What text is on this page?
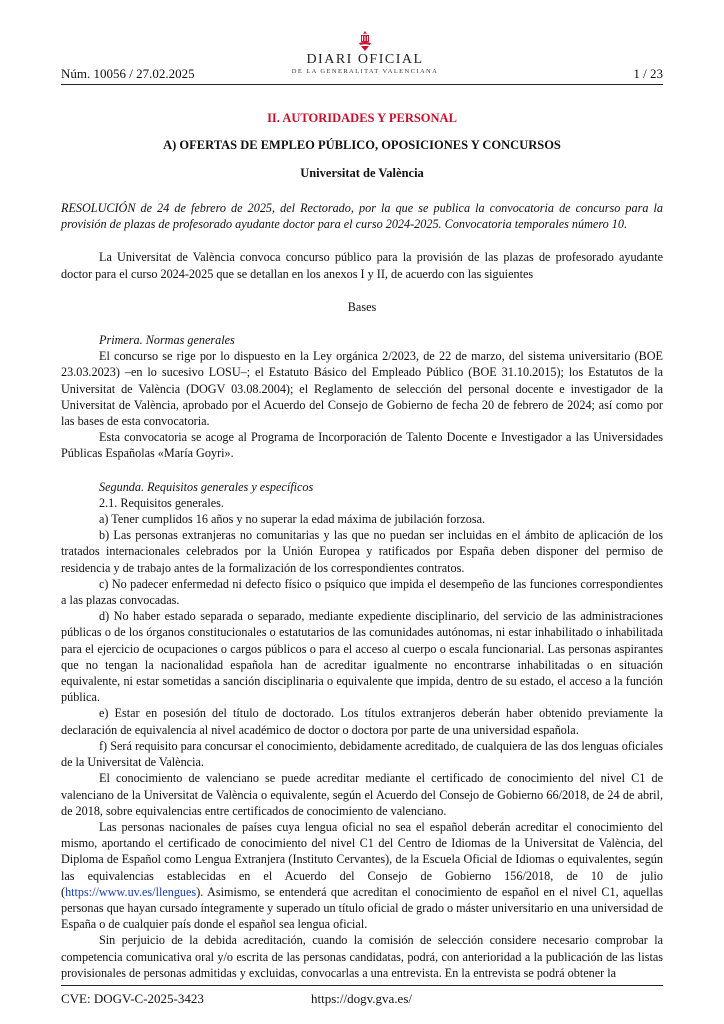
Núm. 10056 / 27.02.2025
DIARI OFICIAL
DE LA GENERALITAT VALENCIANA	1 / 23
II. AUTORIDADES Y PERSONAL
A) OFERTAS DE EMPLEO PÚBLICO, OPOSICIONES Y CONCURSOS
Universitat de València

RESOLUCIÓN de 24 de febrero de 2025, del Rectorado, por la que se publica la convocatoria de concurso para la provisión de plazas de profesorado ayudante doctor para el curso 2024-2025. Convocatoria temporales número 10.

La Universitat de València convoca concurso público para la provisión de las plazas de profesorado ayudante doctor para el curso 2024-2025 que se detallan en los anexos I y II, de acuerdo con las siguientes

Bases

Primera. Normas generales

El concurso se rige por lo dispuesto en la Ley orgánica 2/2023, de 22 de marzo, del sistema universitario (BOE 23.03.2023) –en lo sucesivo LOSU–; el Estatuto Básico del Empleado Público (BOE 31.10.2015); los Estatutos de la Universitat de València (DOGV 03.08.2004); el Reglamento de selección del personal docente e investigador de la Universitat de València, aprobado por el Acuerdo del Consejo de Gobierno de fecha 20 de febrero de 2024; así como por las bases de esta convocatoria.

Esta convocatoria se acoge al Programa de Incorporación de Talento Docente e Investigador a las Universidades Públicas Españolas «María Goyri».

Segunda. Requisitos generales y específicos

2.1. Requisitos generales.

a) Tener cumplidos 16 años y no superar la edad máxima de jubilación forzosa.

b) Las personas extranjeras no comunitarias y las que no puedan ser incluidas en el ámbito de aplicación de los tratados internacionales celebrados por la Unión Europea y ratificados por España deben disponer del permiso de residencia y de trabajo antes de la formalización de los correspondientes contratos.

c) No padecer enfermedad ni defecto físico o psíquico que impida el desempeño de las funciones correspondientes a las plazas convocadas.

d) No haber estado separada o separado, mediante expediente disciplinario, del servicio de las administraciones públicas o de los órganos constitucionales o estatutarios de las comunidades autónomas, ni estar inhabilitado o inhabilitada para el ejercicio de ocupaciones o cargos públicos o para el acceso al cuerpo o escala funcionarial. Las personas aspirantes que no tengan la nacionalidad española han de acreditar igualmente no encontrarse inhabilitadas o en situación equivalente, ni estar sometidas a sanción disciplinaria o equivalente que impida, dentro de su estado, el acceso a la función pública.

e) Estar en posesión del título de doctorado. Los títulos extranjeros deberán haber obtenido previamente la declaración de equivalencia al nivel académico de doctor o doctora por parte de una universidad española.

f) Será requisito para concursar el conocimiento, debidamente acreditado, de cualquiera de las dos lenguas oficiales de la Universitat de València.

El conocimiento de valenciano se puede acreditar mediante el certificado de conocimiento del nivel C1 de valenciano de la Universitat de València o equivalente, según el Acuerdo del Consejo de Gobierno 66/2018, de 24 de abril, de 2018, sobre equivalencias entre certificados de conocimiento de valenciano.

Las personas nacionales de países cuya lengua oficial no sea el español deberán acreditar el conocimiento del mismo, aportando el certificado de conocimiento del nivel C1 del Centro de Idiomas de la Universitat de València, del Diploma de Español como Lengua Extranjera (Instituto Cervantes), de la Escuela Oficial de Idiomas o equivalentes, según las equivalencias establecidas en el Acuerdo del Consejo de Gobierno 156/2018, de 10 de julio (https://www.uv.es/llengues). Asimismo, se entenderá que acreditan el conocimiento de español en el nivel C1, aquellas personas que hayan cursado íntegramente y superado un título oficial de grado o máster universitario en una universidad de España o de cualquier país donde el español sea lengua oficial.

Sin perjuicio de la debida acreditación, cuando la comisión de selección considere necesario comprobar la competencia comunicativa oral y/o escrita de las personas candidatas, podrá, con anterioridad a la publicación de las listas provisionales de personas admitidas y excluidas, convocarlas a una entrevista. En la entrevista se podrá obtener la

CVE: DOGV-C-2025-3423	https://dogv.gva.es/
